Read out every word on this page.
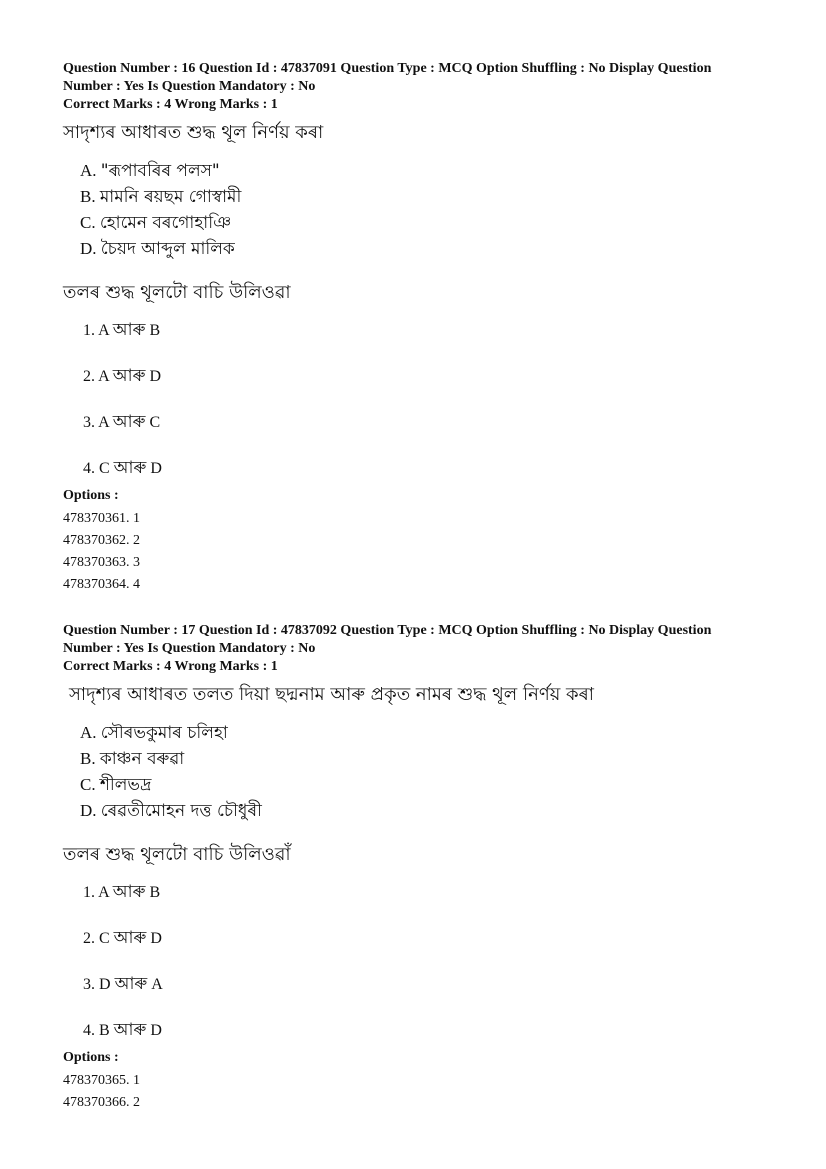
Question Number : 16 Question Id : 47837091 Question Type : MCQ Option Shuffling : No Display Question

Number : Yes Is Question Mandatory : No

Correct Marks : 4 Wrong Marks : 1

সাদৃশ্যৰ আধাৰত শুদ্ধ থূল নিৰ্ণয় কৰা

A. "ৰূপাবৰিৰ পলস"
B. মামনি ৰয়ছম গোস্বামী
C. হোমেন বৰগোহাঞি
D. চৈয়দ আব্দুল মালিক

তলৰ শুদ্ধ থূলটো বাচি উলিওৱা

1. A আৰু B
2. A আৰু D
3. A আৰু C
4. C আৰু D

Options :

478370361. 1
478370362. 2
478370363. 3
478370364. 4

Question Number : 17 Question Id : 47837092 Question Type : MCQ Option Shuffling : No Display Question

Number : Yes Is Question Mandatory : No

Correct Marks : 4 Wrong Marks : 1

সাদৃশ্যৰ আধাৰত তলত দিয়া ছদ্মনাম আৰু প্ৰকৃত নামৰ শুদ্ধ থূল নিৰ্ণয় কৰা

A. সৌৰভকুমাৰ চলিহা
B. কাঞ্চন বৰুৱা
C. শীলভদ্ৰ
D. ৰেৱতীমোহন দত্ত চৌধুৰী

তলৰ শুদ্ধ থূলটো বাচি উলিওৱাঁ

1. A আৰু B
2. C আৰু D
3. D আৰু A
4. B আৰু D

Options :

478370365. 1
478370366. 2
